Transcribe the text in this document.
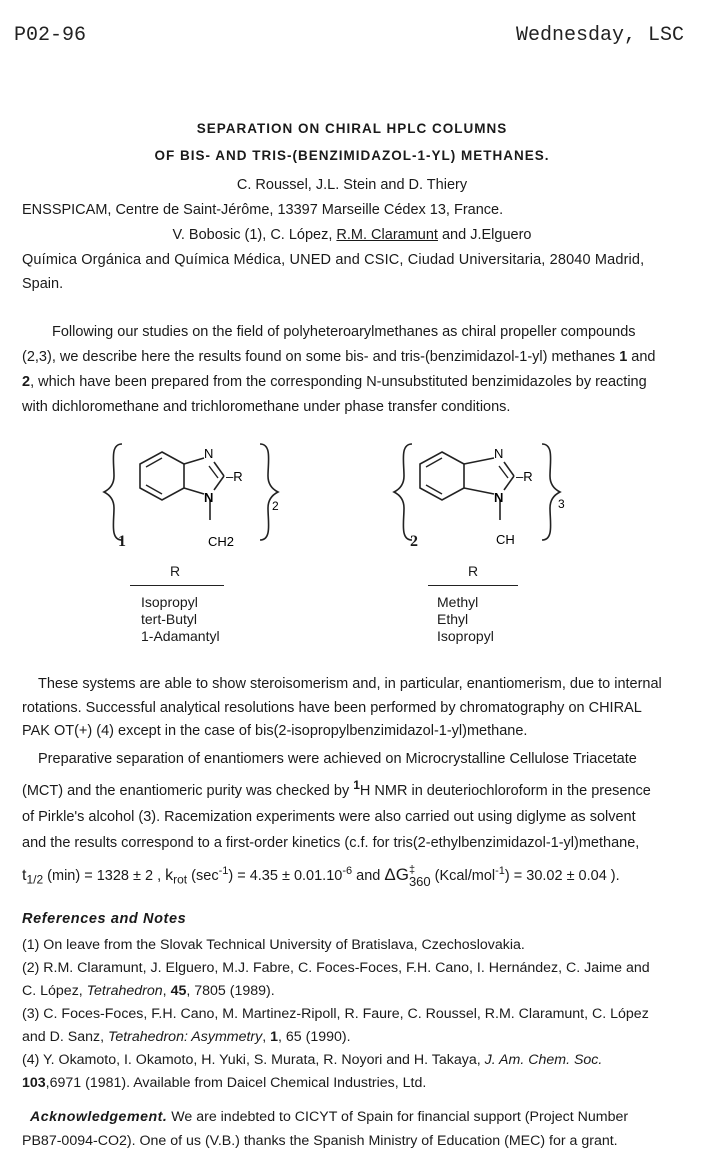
P02-96	Wednesday, LSC
SEPARATION ON CHIRAL HPLC COLUMNS
OF BIS- AND TRIS-(BENZIMIDAZOL-1-YL) METHANES.
C. Roussel, J.L. Stein and D. Thiery
ENSSPICAM, Centre de Saint-Jérôme, 13397 Marseille Cédex 13, France.
V. Bobosic (1), C. López, R.M. Claramunt and J.Elguero
Química Orgánica and Química Médica, UNED and CSIC, Ciudad Universitaria, 28040 Madrid,
Spain.
Following our studies on the field of polyheteroarylmethanes as chiral propeller compounds
(2,3), we describe here the results found on some bis- and tris-(benzimidazol-1-yl) methanes 1 and
2, which have been prepared from the corresponding N-unsubstituted benzimidazoles by reacting
with dichloromethane and trichloromethane under phase transfer conditions.
N
N
–R
2
CH2
1
N
N
–R
3
CH
2
R
Isopropyl
tert-Butyl
1-Adamantyl
R
Methyl
Ethyl
Isopropyl
These systems are able to show steroisomerism and, in particular, enantiomerism, due to internal
rotations. Successful analytical resolutions have been performed by chromatography on CHIRAL
PAK OT(+) (4) except in the case of bis(2-isopropylbenzimidazol-1-yl)methane.
Preparative separation of enantiomers were achieved on Microcrystalline Cellulose Triacetate
(MCT) and the enantiomeric purity was checked by $^1$H NMR in deuteriochloroform in the presence
of Pirkle's alcohol (3). Racemization experiments were also carried out using diglyme as solvent
and the results correspond to a first-order kinetics (c.f. for tris(2-ethylbenzimidazol-1-yl)methane,
$t_{1/2}$ (min) = 1328 ± 2 , $k_{rot}$ $(\sec^{-1}) = 4.35 \pm 0.01.10^{-6}$ and ΔG ‡
360 (Kcal/mol$^{-1}$) = 30.02 ± 0.04 ).
References and Notes
(1) On leave from the Slovak Technical University of Bratislava, Czechoslovakia.
(2) R.M. Claramunt, J. Elguero, M.J. Fabre, C. Foces-Foces, F.H. Cano, I. Hernández, C. Jaime and
C. López, Tetrahedron, 45, 7805 (1989).
(3) C. Foces-Foces, F.H. Cano, M. Martinez-Ripoll, R. Faure, C. Roussel, R.M. Claramunt, C. López
and D. Sanz, Tetrahedron: Asymmetry, 1, 65 (1990).
(4) Y. Okamoto, I. Okamoto, H. Yuki, S. Murata, R. Noyori and H. Takaya, J. Am. Chem. Soc.
103,6971 (1981). Available from Daicel Chemical Industries, Ltd.
Acknowledgement. We are indebted to CICYT of Spain for financial support (Project Number
PB87-0094-CO2). One of us (V.B.) thanks the Spanish Ministry of Education (MEC) for a grant.
